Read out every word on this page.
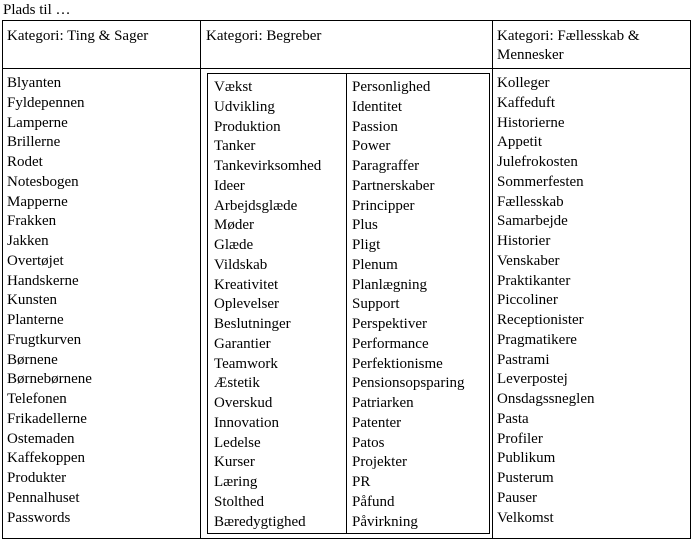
Plads til …
Kategori: Ting & Sager	Kategori: Begreber	Kategori: Fællesskab & Mennesker
Blyanten
Fyldepennen
Lamperne
Brillerne
Rodet
Notesbogen
Mapperne
Frakken
Jakken
Overtøjet
Handskerne
Kunsten
Planterne
Frugtkurven
Børnene
Børnebørnene
Telefonen
Frikadellerne
Ostemaden
Kaffekoppen
Produkter
Pennalhuset
Passwords
Vækst
Udvikling
Produktion
Tanker
Tankevirksomhed
Ideer
Arbejdsglæde
Møder
Glæde
Vildskab
Kreativitet
Oplevelser
Beslutninger
Garantier
Teamwork
Æstetik
Overskud
Innovation
Ledelse
Kurser
Læring
Stolthed
Bæredygtighed
Personlighed
Identitet
Passion
Power
Paragraffer
Partnerskaber
Principper
Plus
Pligt
Plenum
Planlægning
Support
Perspektiver
Performance
Perfektionisme
Pensionsopsparing
Patriarken
Patenter
Patos
Projekter
PR
Påfund
Påvirkning
Kolleger
Kaffeduft
Historierne
Appetit
Julefrokosten
Sommerfesten
Fællesskab
Samarbejde
Historier
Venskaber
Praktikanter
Piccoliner
Receptionister
Pragmatikere
Pastrami
Leverpostej
Onsdagssneglen
Pasta
Profiler
Publikum
Pusterum
Pauser
Velkomst
